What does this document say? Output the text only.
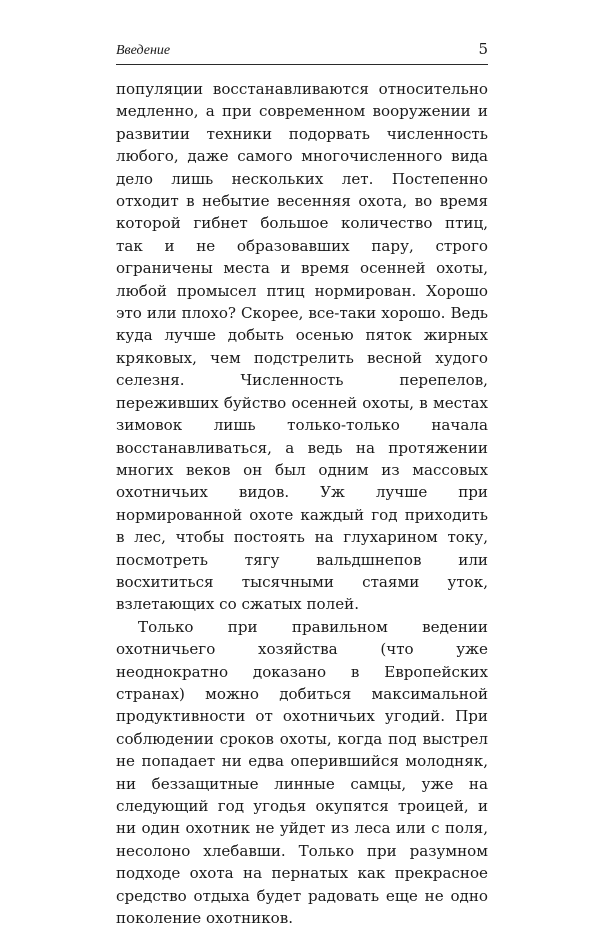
Введение	5

популяции восстанавливаются относительно медленно, а при современном вооружении и развитии техники подорвать численность любого, даже самого многочисленного вида дело лишь нескольких лет. Постепенно отходит в небытие весенняя охота, во время которой гибнет большое количество птиц, так и не образовавших пару, строго ограничены места и время осенней охоты, любой промысел птиц нормирован. Хорошо это или плохо? Скорее, все-таки хорошо. Ведь куда лучше добыть осенью пяток жирных кряковых, чем подстрелить весной худого селезня. Численность перепелов, переживших буйство осенней охоты, в местах зимовок лишь только-только начала восстанавливаться, а ведь на протяжении многих веков он был одним из массовых охотничьих видов. Уж лучше при нормированной охоте каждый год приходить в лес, чтобы постоять на глухарином току, посмотреть тягу вальдшнепов или восхититься тысячными стаями уток, взлетающих со сжатых полей.

Только при правильном ведении охотничьего хозяйства (что уже неоднократно доказано в Европейских странах) можно добиться максимальной продуктивности от охотничьих угодий. При соблюдении сроков охоты, когда под выстрел не попадает ни едва оперившийся молодняк, ни беззащитные линные самцы, уже на следующий год угодья окупятся троицей, и ни один охотник не уйдет из леса или с поля, несолоно хлебавши. Только при разумном подходе охота на пернатых как прекрасное средство отдыха будет радовать еще не одно поколение охотников.
